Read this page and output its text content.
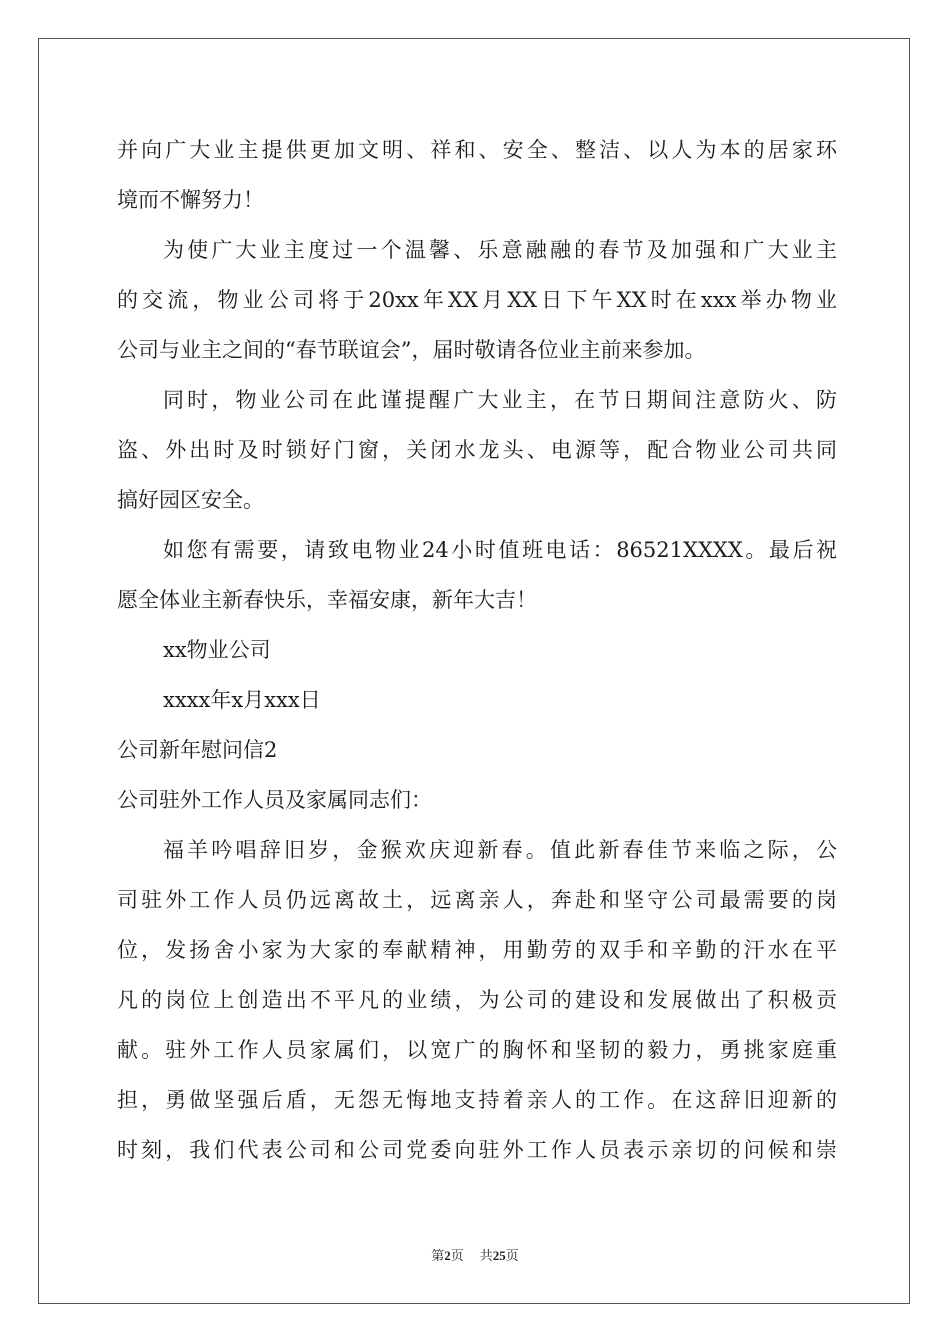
并向广大业主提供更加文明、祥和、安全、整洁、以人为本的居家环
境而不懈努力！
为使广大业主度过一个温馨、乐意融融的春节及加强和广大业主
的交流，物业公司将于20xx年XX月XX日下午XX时在xxx举办物业
公司与业主之间的“春节联谊会”，届时敬请各位业主前来参加。
同时，物业公司在此谨提醒广大业主，在节日期间注意防火、防
盗、外出时及时锁好门窗，关闭水龙头、电源等，配合物业公司共同
搞好园区安全。
如您有需要，请致电物业24小时值班电话：86521XXXX。最后祝
愿全体业主新春快乐，幸福安康，新年大吉！
xx物业公司
xxxx年x月xxx日
公司新年慰问信2
公司驻外工作人员及家属同志们：
福羊吟唱辞旧岁，金猴欢庆迎新春。值此新春佳节来临之际，公
司驻外工作人员仍远离故土，远离亲人，奔赴和坚守公司最需要的岗
位，发扬舍小家为大家的奉献精神，用勤劳的双手和辛勤的汗水在平
凡的岗位上创造出不平凡的业绩，为公司的建设和发展做出了积极贡
献。驻外工作人员家属们，以宽广的胸怀和坚韧的毅力，勇挑家庭重
担，勇做坚强后盾，无怨无悔地支持着亲人的工作。在这辞旧迎新的
时刻，我们代表公司和公司党委向驻外工作人员表示亲切的问候和崇
第2页 共25页
